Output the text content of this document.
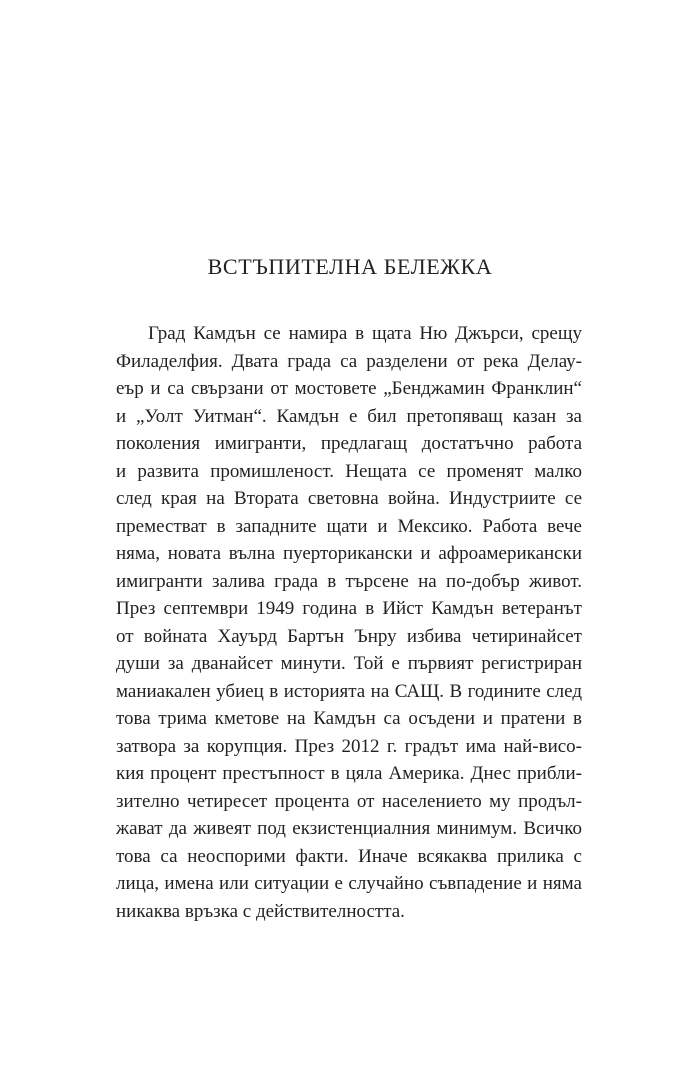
ВСТЪПИТЕЛНА БЕЛЕЖКА
Град Камдън се намира в щата Ню Джърси, срещу
Филаделфия. Двата града са разделени от река Делау-
еър и са свързани от мостовете „Бенджамин Франклин“
и „Уолт Уитман“. Камдън е бил претопяващ казан за
поколения имигранти, предлагащ достатъчно работа
и развита промишленост. Нещата се променят малко
след края на Втората световна война. Индустриите се
преместват в западните щати и Мексико. Работа вече
няма, новата вълна пуерторикански и афроамерикански
имигранти залива града в търсене на по-добър живот.
През септември 1949 година в Ийст Камдън ветеранът
от войната Хауърд Бартън Ънру избива четиринайсет
души за дванайсет минути. Той е първият регистриран
маниакален убиец в историята на САЩ. В годините след
това трима кметове на Камдън са осъдени и пратени в
затвора за корупция. През 2012 г. градът има най-висо-
кия процент престъпност в цяла Америка. Днес прибли-
зително четиресет процента от населението му продъл-
жават да живеят под екзистенциалния минимум. Всичко
това са неоспорими факти. Иначе всякаква прилика с
лица, имена или ситуации е случайно съвпадение и няма
никаква връзка с действителността.
